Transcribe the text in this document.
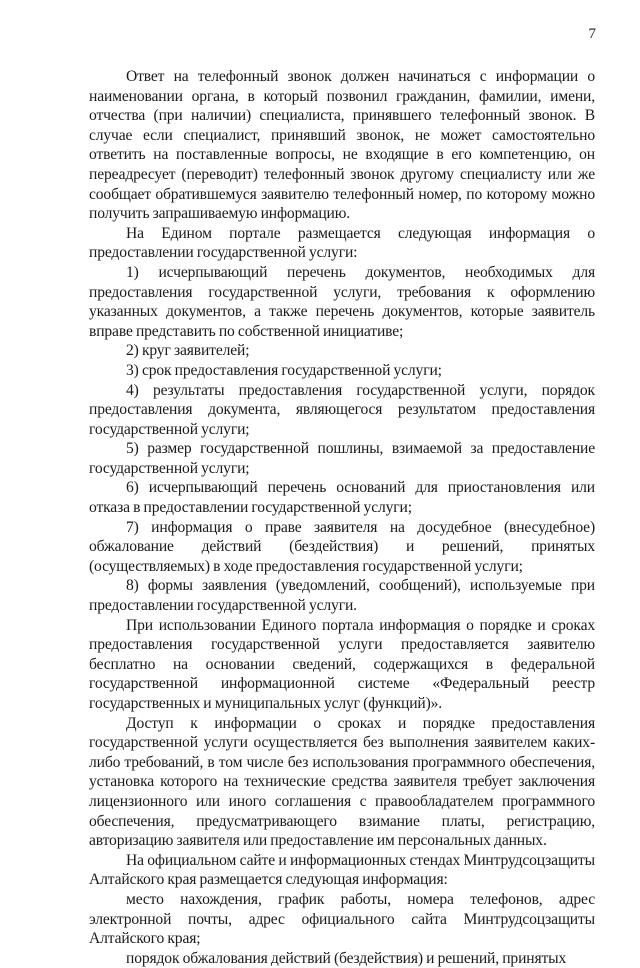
7

Ответ на телефонный звонок должен начинаться с информации о наименовании органа, в который позвонил гражданин, фамилии, имени, отчества (при наличии) специалиста, принявшего телефонный звонок. В случае если специалист, принявший звонок, не может самостоятельно ответить на поставленные вопросы, не входящие в его компетенцию, он переадресует (переводит) телефонный звонок другому специалисту или же сообщает обратившемуся заявителю телефонный номер, по которому можно получить запрашиваемую информацию.

На Едином портале размещается следующая информация о предоставлении государственной услуги:

1) исчерпывающий перечень документов, необходимых для предоставления государственной услуги, требования к оформлению указанных документов, а также перечень документов, которые заявитель вправе представить по собственной инициативе;

2) круг заявителей;

3) срок предоставления государственной услуги;

4) результаты предоставления государственной услуги, порядок предоставления документа, являющегося результатом предоставления государственной услуги;

5) размер государственной пошлины, взимаемой за предоставление государственной услуги;

6) исчерпывающий перечень оснований для приостановления или отказа в предоставлении государственной услуги;

7) информация о праве заявителя на досудебное (внесудебное) обжалование действий (бездействия) и решений, принятых (осуществляемых) в ходе предоставления государственной услуги;

8) формы заявления (уведомлений, сообщений), используемые при предоставлении государственной услуги.

При использовании Единого портала информация о порядке и сроках предоставления государственной услуги предоставляется заявителю бесплатно на основании сведений, содержащихся в федеральной государственной информационной системе «Федеральный реестр государственных и муниципальных услуг (функций)».

Доступ к информации о сроках и порядке предоставления государственной услуги осуществляется без выполнения заявителем каких-либо требований, в том числе без использования программного обеспечения, установка которого на технические средства заявителя требует заключения лицензионного или иного соглашения с правообладателем программного обеспечения, предусматривающего взимание платы, регистрацию, авторизацию заявителя или предоставление им персональных данных.

На официальном сайте и информационных стендах Минтрудсоцзащиты Алтайского края размещается следующая информация:

место нахождения, график работы, номера телефонов, адрес электронной почты, адрес официального сайта Минтрудсоцзащиты Алтайского края;

порядок обжалования действий (бездействия) и решений, принятых
